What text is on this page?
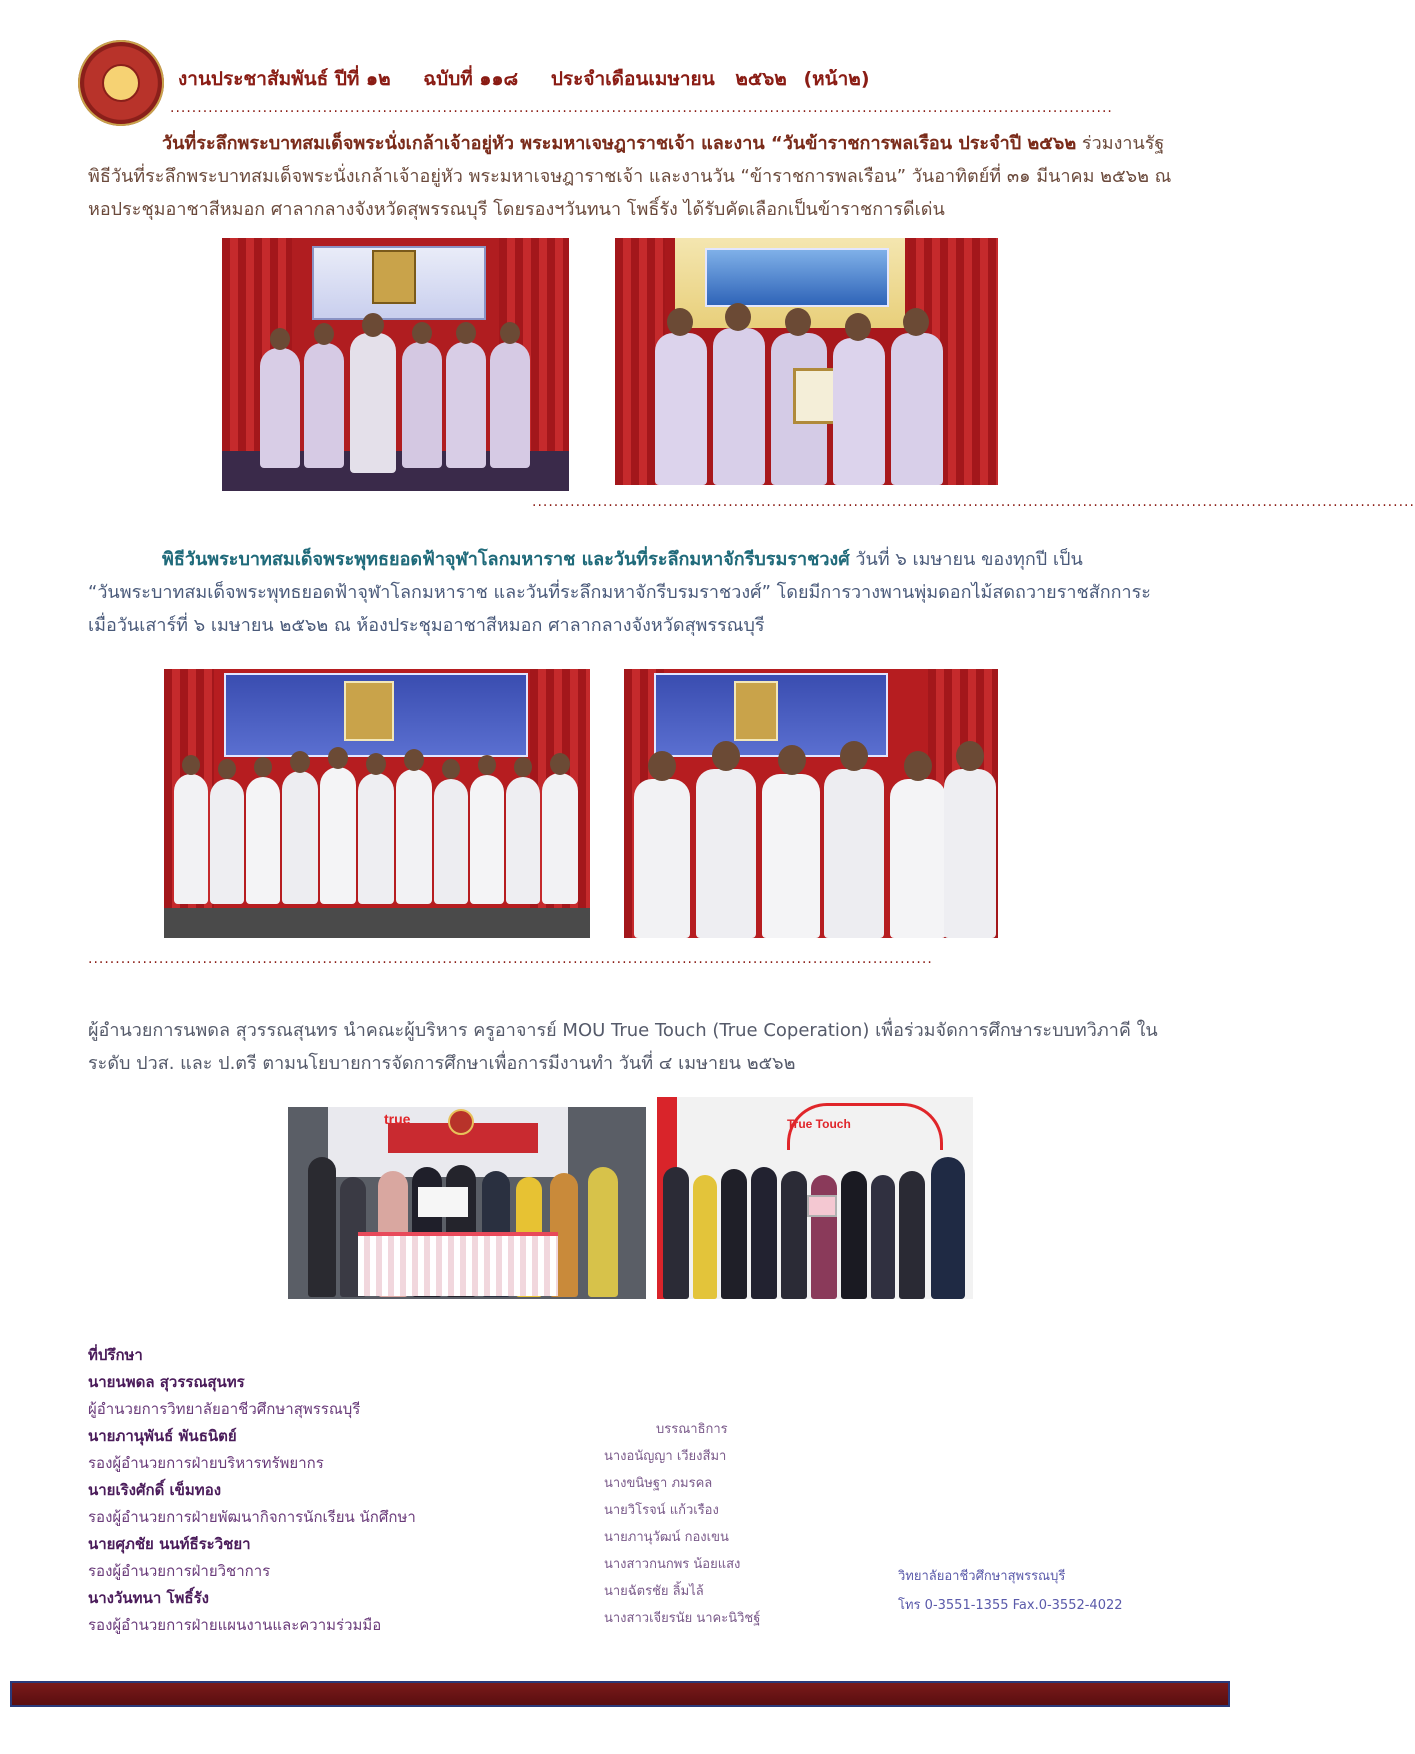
งานประชาสัมพันธ์ ปีที่ ๑๒ ฉบับที่ ๑๑๘ ประจำเดือนเมษายน ๒๕๖๒ (หน้า๒)
.............................................................................................................................................................................
วันที่ระลึกพระบาทสมเด็จพระนั่งเกล้าเจ้าอยู่หัว พระมหาเจษฎาราชเจ้า และงาน “วันข้าราชการพลเรือน ประจำปี ๒๕๖๒ ร่วมงานรัฐ
พิธีวันที่ระลึกพระบาทสมเด็จพระนั่งเกล้าเจ้าอยู่หัว พระมหาเจษฎาราชเจ้า และงานวัน “ข้าราชการพลเรือน” วันอาทิตย์ที่ ๓๑ มีนาคม ๒๕๖๒ ณ
หอประชุมอาชาสีหมอก ศาลากลางจังหวัดสุพรรณบุรี โดยรองฯวันทนา โพธิ์รัง ได้รับคัดเลือกเป็นข้าราชการดีเด่น
..................................................................................................................................................................
พิธีวันพระบาทสมเด็จพระพุทธยอดฟ้าจุฬาโลกมหาราช และวันที่ระลึกมหาจักรีบรมราชวงศ์ วันที่ ๖ เมษายน ของทุกปี เป็น
“วันพระบาทสมเด็จพระพุทธยอดฟ้าจุฬาโลกมหาราช และวันที่ระลึกมหาจักรีบรมราชวงศ์” โดยมีการวางพานพุ่มดอกไม้สดถวายราชสักการะ
เมื่อวันเสาร์ที่ ๖ เมษายน ๒๕๖๒ ณ ห้องประชุมอาชาสีหมอก ศาลากลางจังหวัดสุพรรณบุรี
...........................................................................................................................................................
ผู้อำนวยการนพดล สุวรรณสุนทร นำคณะผู้บริหาร ครูอาจารย์ MOU True Touch (True Coperation) เพื่อร่วมจัดการศึกษาระบบทวิภาคี ใน
ระดับ ปวส. และ ป.ตรี ตามนโยบายการจัดการศึกษาเพื่อการมีงานทำ วันที่ ๔ เมษายน ๒๕๖๒
true	True Touch
ที่ปรึกษา
นายนพดล สุวรรณสุนทร
ผู้อำนวยการวิทยาลัยอาชีวศึกษาสุพรรณบุรี
นายภานุพันธ์ พันธนิตย์
รองผู้อำนวยการฝ่ายบริหารทรัพยากร
นายเริงศักดิ์ เข็มทอง
รองผู้อำนวยการฝ่ายพัฒนากิจการนักเรียน นักศึกษา
นายศุภชัย นนท์ธีระวิชยา
รองผู้อำนวยการฝ่ายวิชาการ
นางวันทนา โพธิ์รัง
รองผู้อำนวยการฝ่ายแผนงานและความร่วมมือ
บรรณาธิการ
นางอนัญญา เวียงสีมา
นางขนิษฐา ภมรคล
นายวิโรจน์ แก้วเรือง
นายภานุวัฒน์ กองเขน
นางสาวกนกพร น้อยแสง
นายฉัตรชัย ลิ้มไล้
นางสาวเจียรนัย นาคะนิวิชฐ์
วิทยาลัยอาชีวศึกษาสุพรรณบุรี
โทร 0-3551-1355 Fax.0-3552-4022
